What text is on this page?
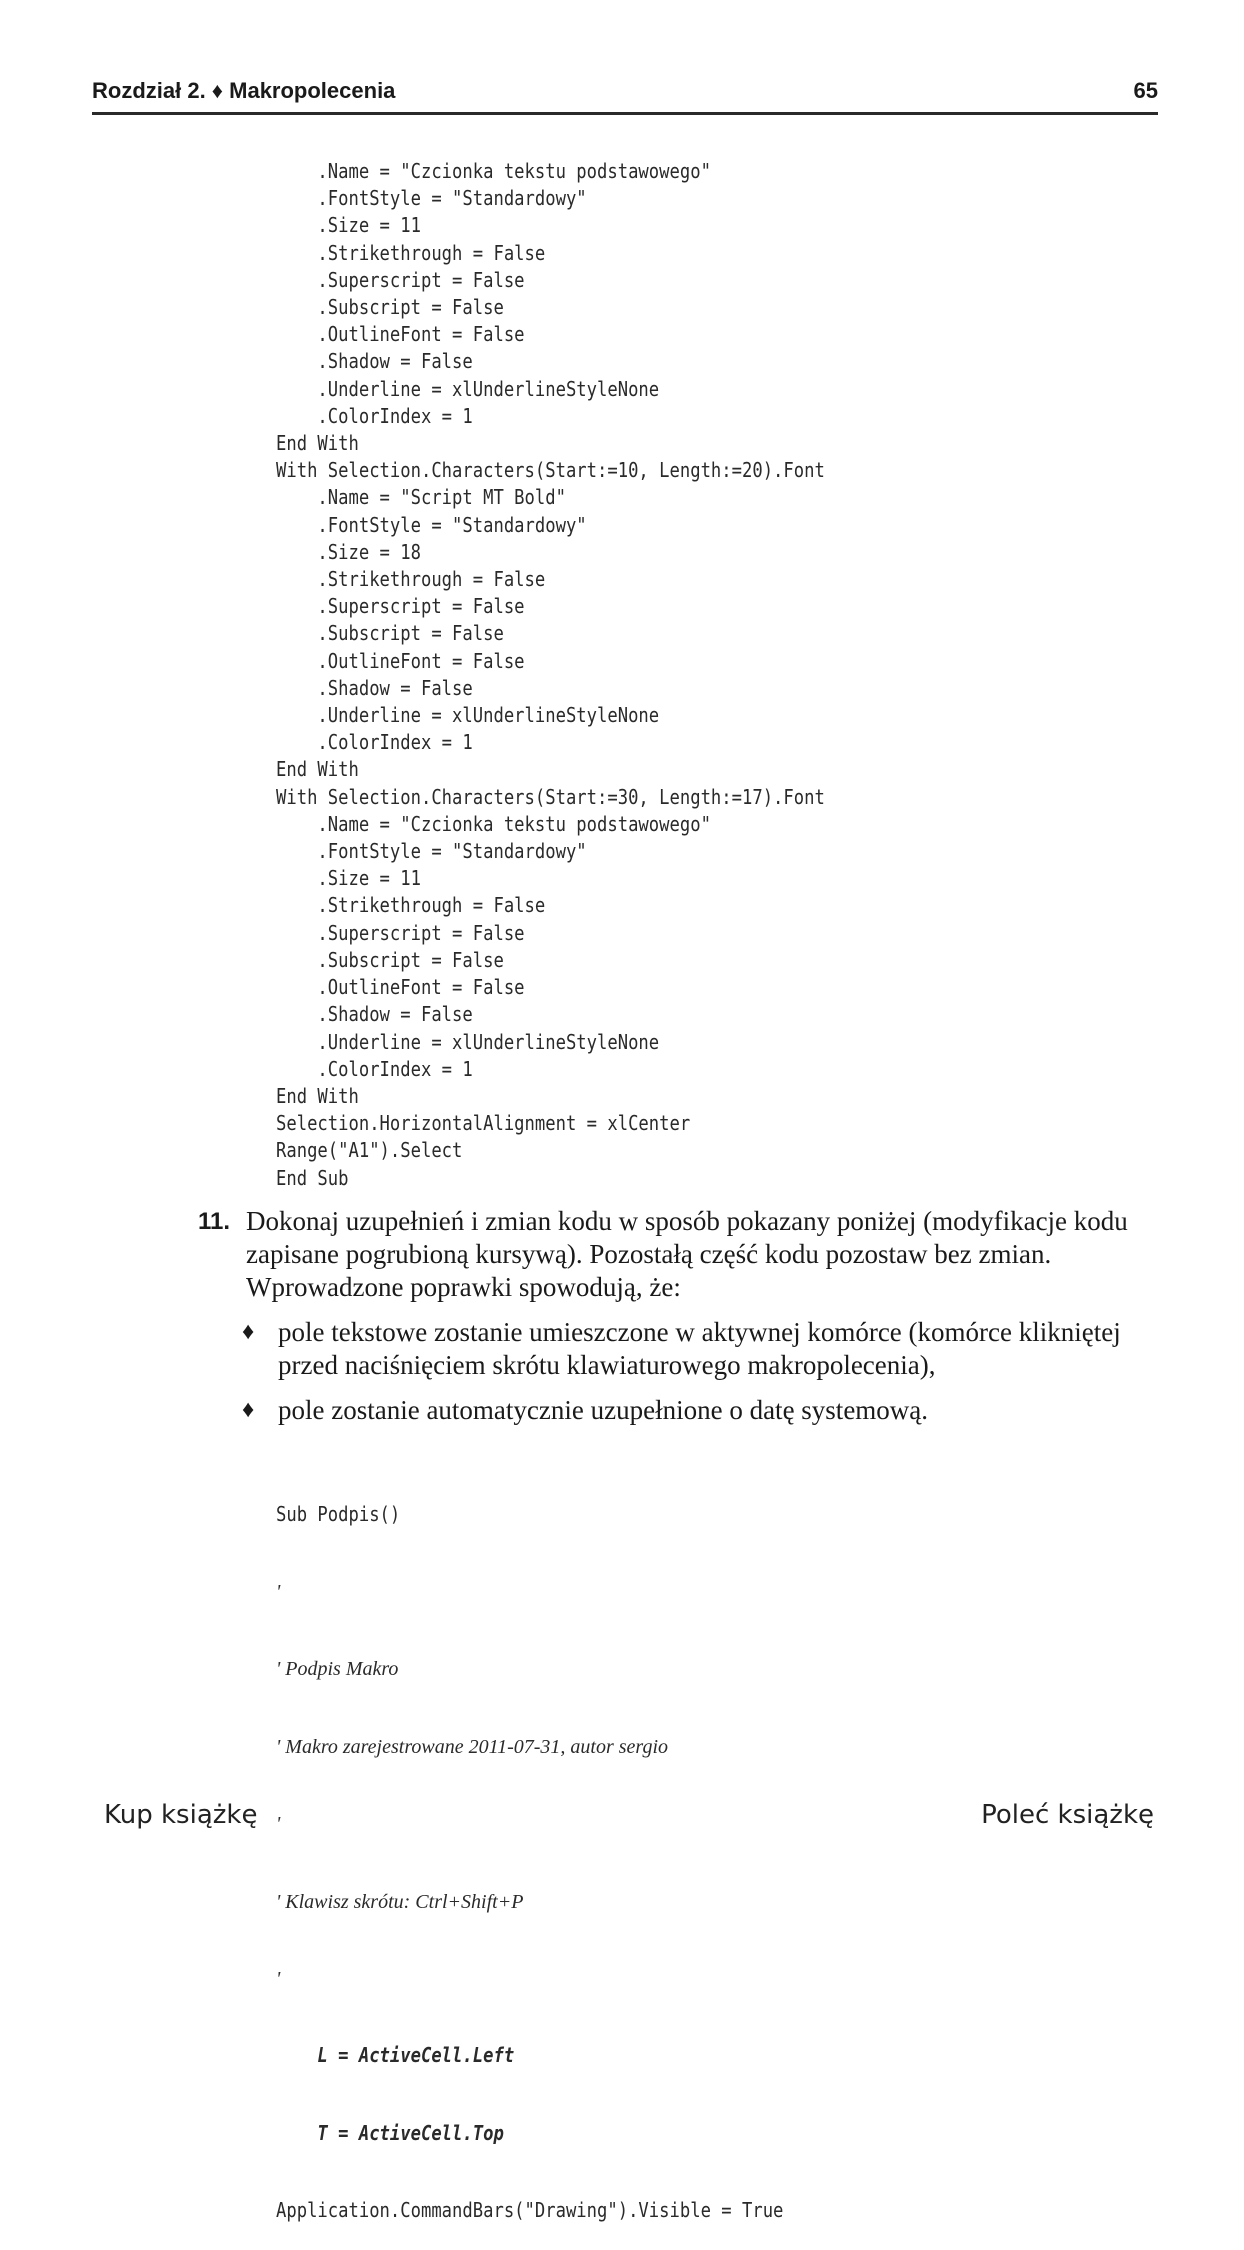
Rozdział 2. ♦ Makropolecenia	65
.Name = "Czcionka tekstu podstawowego"
.FontStyle = "Standardowy"
.Size = 11
.Strikethrough = False
.Superscript = False
.Subscript = False
.OutlineFont = False
.Shadow = False
.Underline = xlUnderlineStyleNone
.ColorIndex = 1
End With
With Selection.Characters(Start:=10, Length:=20).Font
.Name = "Script MT Bold"
.FontStyle = "Standardowy"
.Size = 18
.Strikethrough = False
.Superscript = False
.Subscript = False
.OutlineFont = False
.Shadow = False
.Underline = xlUnderlineStyleNone
.ColorIndex = 1
End With
With Selection.Characters(Start:=30, Length:=17).Font
.Name = "Czcionka tekstu podstawowego"
.FontStyle = "Standardowy"
.Size = 11
.Strikethrough = False
.Superscript = False
.Subscript = False
.OutlineFont = False
.Shadow = False
.Underline = xlUnderlineStyleNone
.ColorIndex = 1
End With
Selection.HorizontalAlignment = xlCenter
Range("A1").Select
End Sub
11. Dokonaj uzupełnień i zmian kodu w sposób pokazany poniżej (modyfikacje kodu zapisane pogrubioną kursywą). Pozostałą część kodu pozostaw bez zmian. Wprowadzone poprawki spowodują, że:
♦ pole tekstowe zostanie umieszczone w aktywnej komórce (komórce klikniętej przed naciśnięciem skrótu klawiaturowego makropolecenia),
♦ pole zostanie automatycznie uzupełnione o datę systemową.

Sub Podpis()

'

' Podpis Makro

' Makro zarejestrowane 2011-07-31, autor sergio

'

' Klawisz skrótu: Ctrl+Shift+P

'

L = ActiveCell.Left

T = ActiveCell.Top

Application.CommandBars("Drawing").Visible = True

Kup książkę	Poleć książkę
